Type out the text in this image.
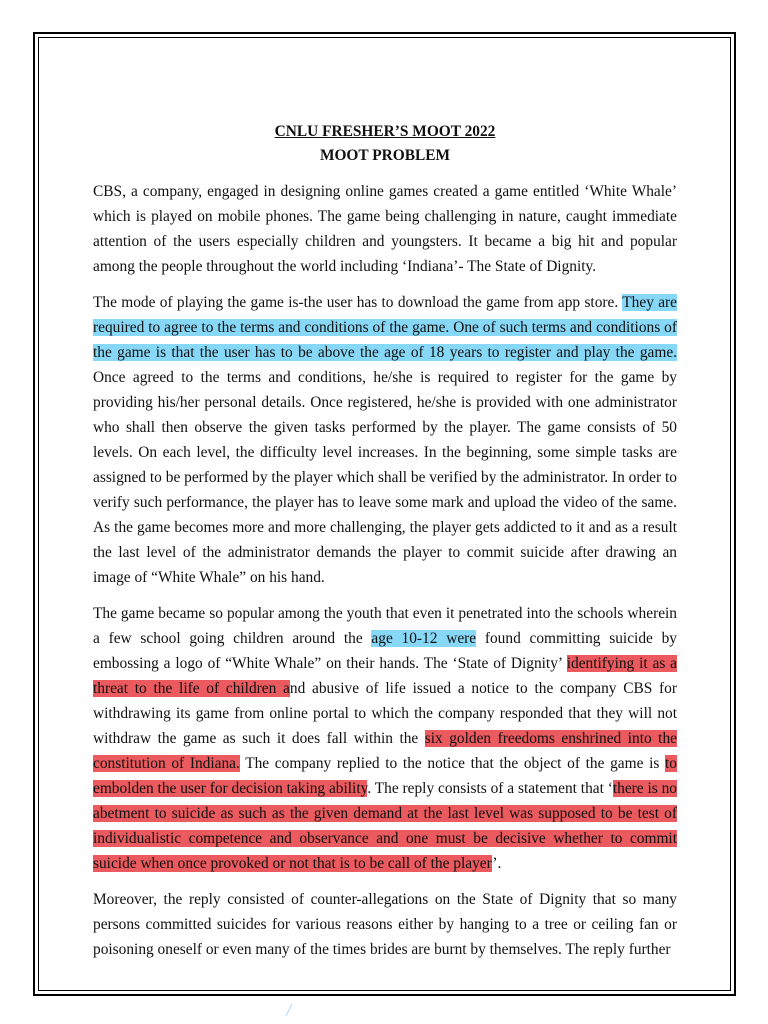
CNLU FRESHER’S MOOT 2022
MOOT PROBLEM

CBS, a company, engaged in designing online games created a game entitled ‘White Whale’ which is played on mobile phones. The game being challenging in nature, caught immediate attention of the users especially children and youngsters. It became a big hit and popular among the people throughout the world including ‘Indiana’- The State of Dignity.

The mode of playing the game is-the user has to download the game from app store. They are required to agree to the terms and conditions of the game. One of such terms and conditions of the game is that the user has to be above the age of 18 years to register and play the game. Once agreed to the terms and conditions, he/she is required to register for the game by providing his/her personal details. Once registered, he/she is provided with one administrator who shall then observe the given tasks performed by the player. The game consists of 50 levels. On each level, the difficulty level increases. In the beginning, some simple tasks are assigned to be performed by the player which shall be verified by the administrator. In order to verify such performance, the player has to leave some mark and upload the video of the same. As the game becomes more and more challenging, the player gets addicted to it and as a result the last level of the administrator demands the player to commit suicide after drawing an image of “White Whale” on his hand.

The game became so popular among the youth that even it penetrated into the schools wherein a few school going children around the age 10-12 were found committing suicide by embossing a logo of “White Whale” on their hands. The ‘State of Dignity’ identifying it as a threat to the life of children and abusive of life issued a notice to the company CBS for withdrawing its game from online portal to which the company responded that they will not withdraw the game as such it does fall within the six golden freedoms enshrined into the constitution of Indiana. The company replied to the notice that the object of the game is to embolden the user for decision taking ability. The reply consists of a statement that ‘there is no abetment to suicide as such as the given demand at the last level was supposed to be test of individualistic competence and observance and one must be decisive whether to commit suicide when once provoked or not that is to be call of the player’.

Moreover, the reply consisted of counter-allegations on the State of Dignity that so many persons committed suicides for various reasons either by hanging to a tree or ceiling fan or poisoning oneself or even many of the times brides are burnt by themselves. The reply further
